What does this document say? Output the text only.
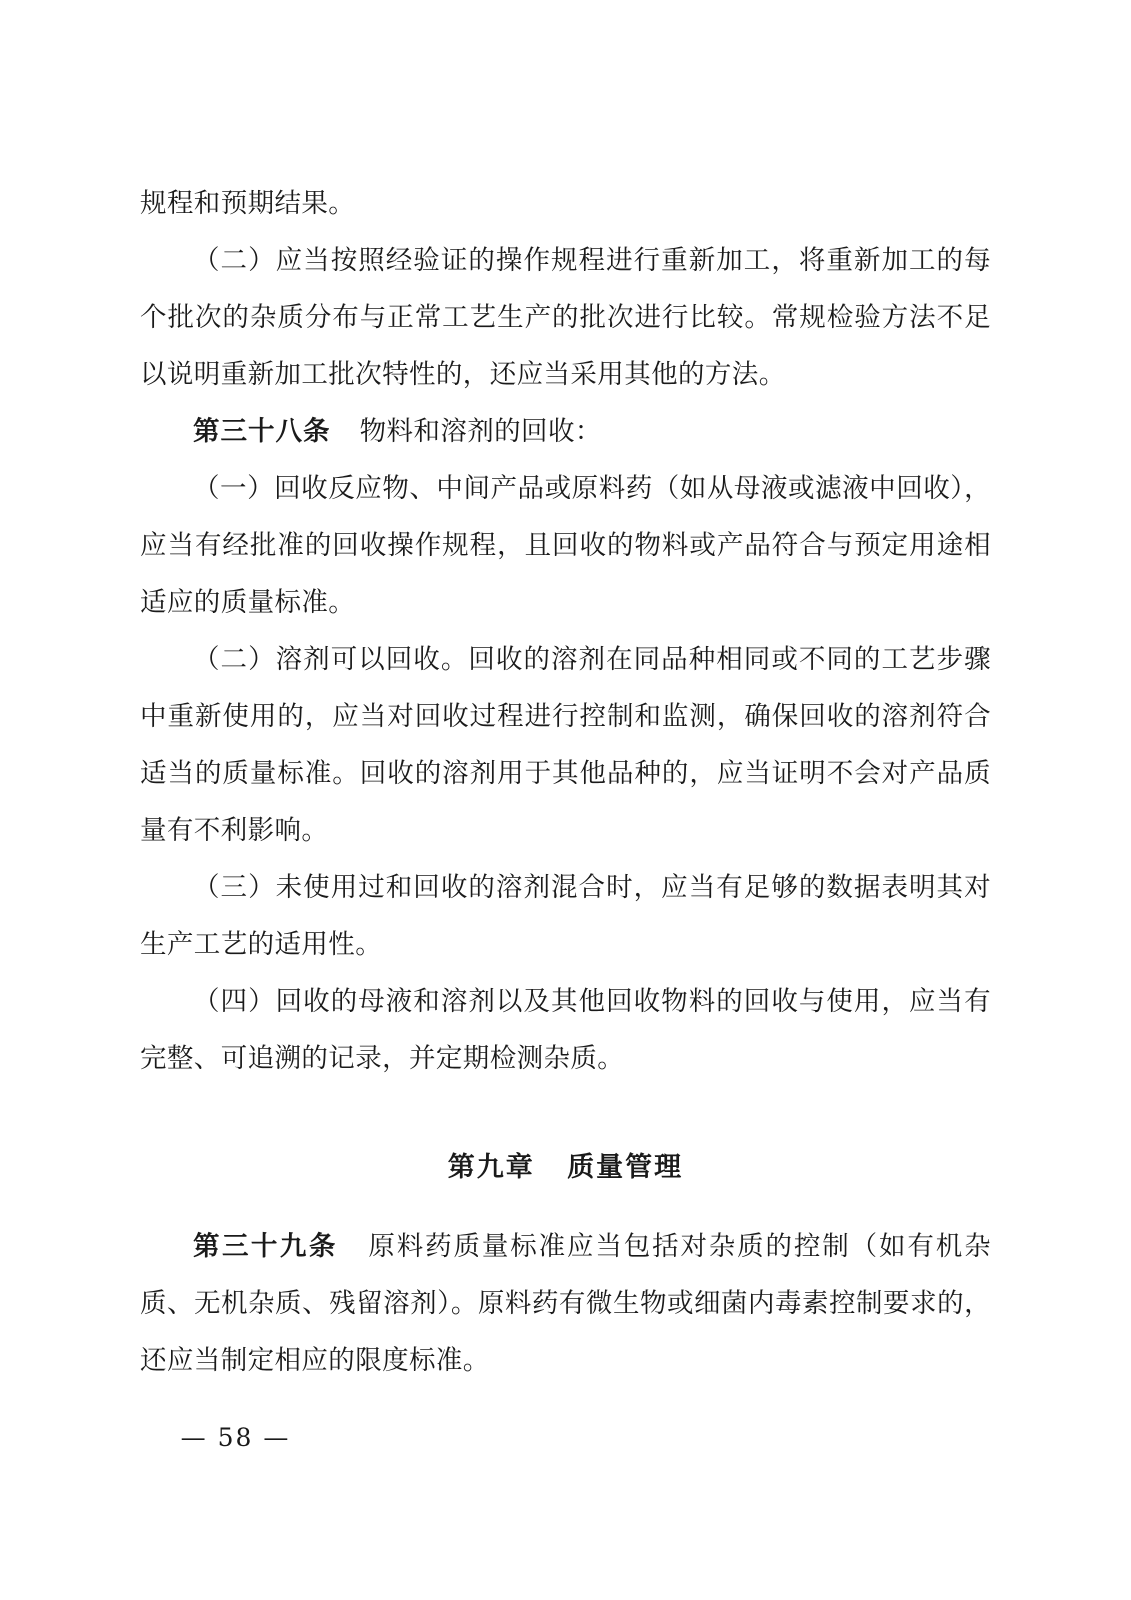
规程和预期结果。

（二）应当按照经验证的操作规程进行重新加工，将重新加工的每个批次的杂质分布与正常工艺生产的批次进行比较。常规检验方法不足以说明重新加工批次特性的，还应当采用其他的方法。

第三十八条 物料和溶剂的回收：

（一）回收反应物、中间产品或原料药（如从母液或滤液中回收），应当有经批准的回收操作规程，且回收的物料或产品符合与预定用途相适应的质量标准。

（二）溶剂可以回收。回收的溶剂在同品种相同或不同的工艺步骤中重新使用的，应当对回收过程进行控制和监测，确保回收的溶剂符合适当的质量标准。回收的溶剂用于其他品种的，应当证明不会对产品质量有不利影响。

（三）未使用过和回收的溶剂混合时，应当有足够的数据表明其对生产工艺的适用性。

（四）回收的母液和溶剂以及其他回收物料的回收与使用，应当有完整、可追溯的记录，并定期检测杂质。

第九章 质量管理

第三十九条 原料药质量标准应当包括对杂质的控制（如有机杂质、无机杂质、残留溶剂）。原料药有微生物或细菌内毒素控制要求的，还应当制定相应的限度标准。

— 58 —
